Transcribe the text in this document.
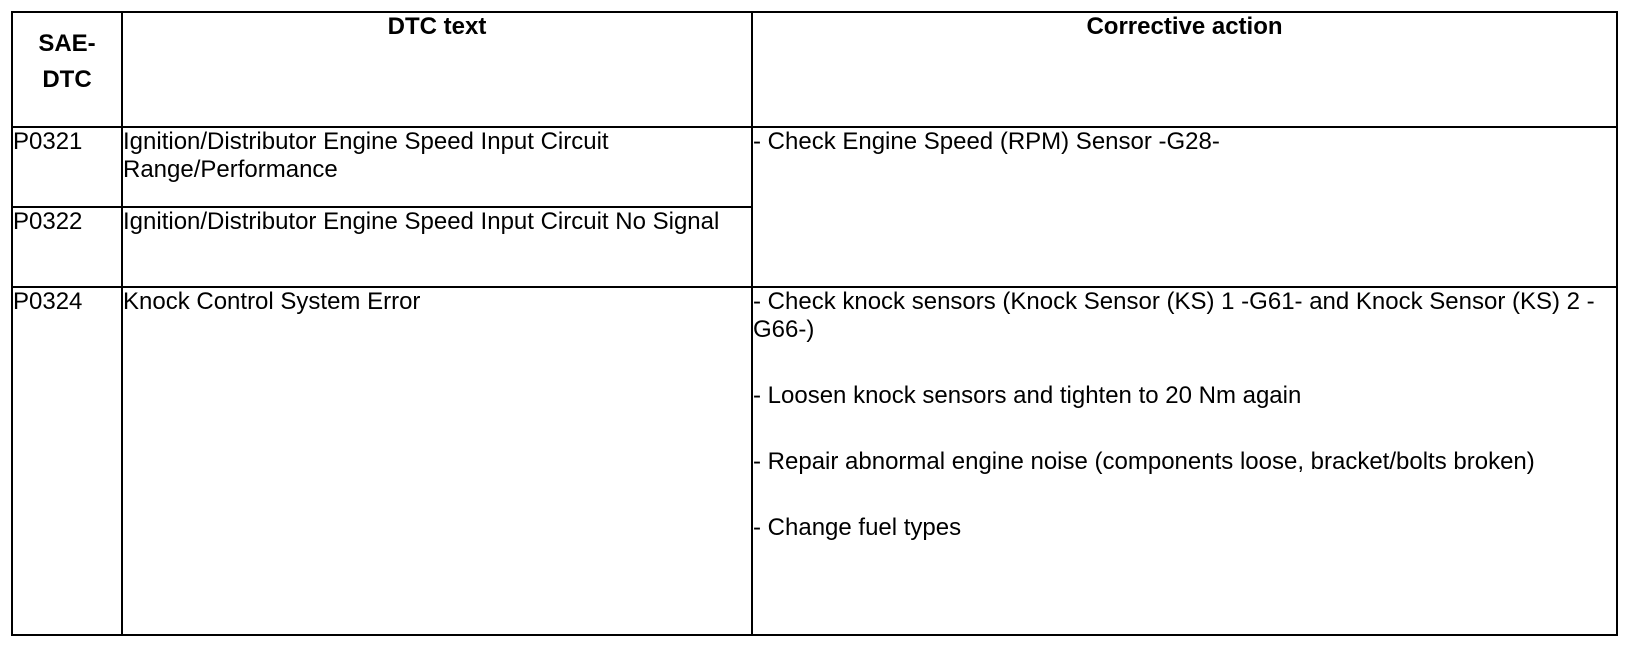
SAE-
DTC	DTC text	Corrective action
P0321	Ignition/Distributor Engine Speed Input Circuit Range/Performance	- Check Engine Speed (RPM) Sensor -G28-

P0322	Ignition/Distributor Engine Speed Input Circuit No Signal	
P0324	Knock Control System Error	- Check knock sensors (Knock Sensor (KS) 1 -G61- and Knock Sensor (KS) 2 -G66-)

- Loosen knock sensors and tighten to 20 Nm again

- Repair abnormal engine noise (components loose, bracket/bolts broken)

- Change fuel types
